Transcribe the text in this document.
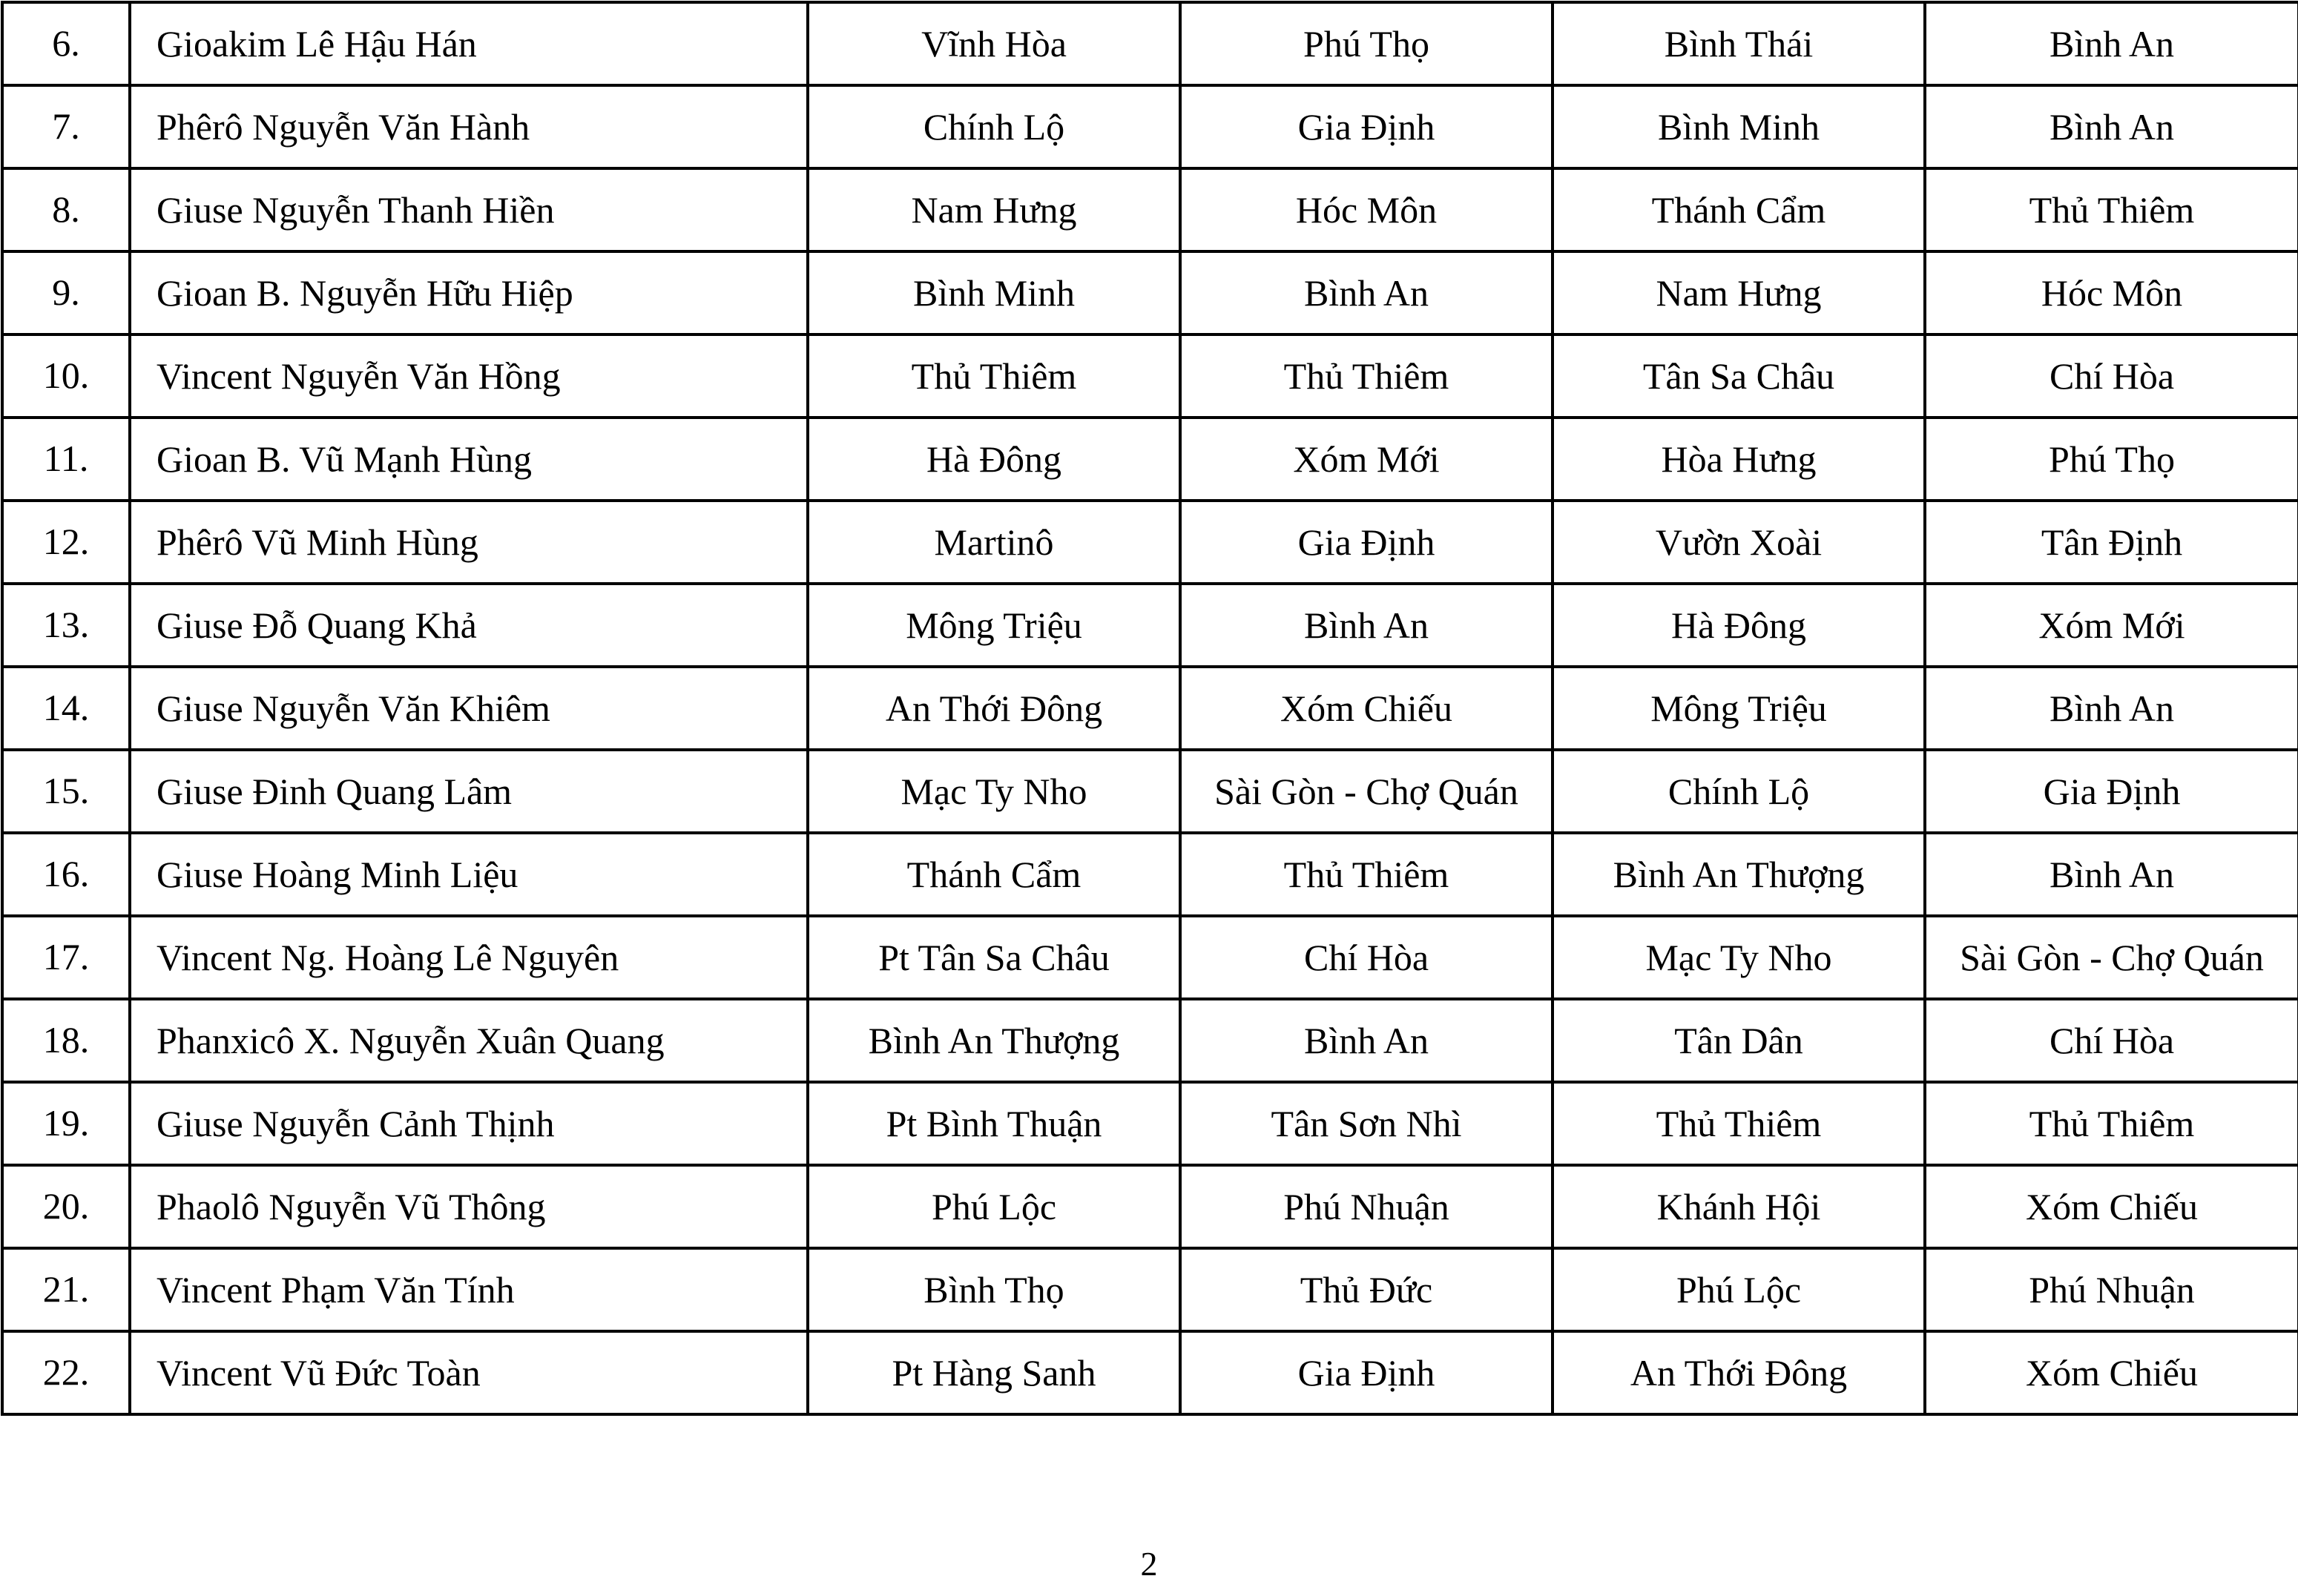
6.	Gioakim Lê Hậu Hán	Vĩnh Hòa	Phú Thọ	Bình Thái	Bình An
7.	Phêrô Nguyễn Văn Hành	Chính Lộ	Gia Định	Bình Minh	Bình An
8.	Giuse Nguyễn Thanh Hiền	Nam Hưng	Hóc Môn	Thánh Cẩm	Thủ Thiêm
9.	Gioan B. Nguyễn Hữu Hiệp	Bình Minh	Bình An	Nam Hưng	Hóc Môn
10.	Vincent Nguyễn Văn Hồng	Thủ Thiêm	Thủ Thiêm	Tân Sa Châu	Chí Hòa
11.	Gioan B. Vũ Mạnh Hùng	Hà Đông	Xóm Mới	Hòa Hưng	Phú Thọ
12.	Phêrô Vũ Minh Hùng	Martinô	Gia Định	Vườn Xoài	Tân Định
13.	Giuse Đỗ Quang Khả	Mông Triệu	Bình An	Hà Đông	Xóm Mới
14.	Giuse Nguyễn Văn Khiêm	An Thới Đông	Xóm Chiếu	Mông Triệu	Bình An
15.	Giuse Đinh Quang Lâm	Mạc Ty Nho	Sài Gòn - Chợ Quán	Chính Lộ	Gia Định
16.	Giuse Hoàng Minh Liệu	Thánh Cẩm	Thủ Thiêm	Bình An Thượng	Bình An
17.	Vincent Ng. Hoàng Lê Nguyên	Pt Tân Sa Châu	Chí Hòa	Mạc Ty Nho	Sài Gòn - Chợ Quán
18.	Phanxicô X. Nguyễn Xuân Quang	Bình An Thượng	Bình An	Tân Dân	Chí Hòa
19.	Giuse Nguyễn Cảnh Thịnh	Pt Bình Thuận	Tân Sơn Nhì	Thủ Thiêm	Thủ Thiêm
20.	Phaolô Nguyễn Vũ Thông	Phú Lộc	Phú Nhuận	Khánh Hội	Xóm Chiếu
21.	Vincent Phạm Văn Tính	Bình Thọ	Thủ Đức	Phú Lộc	Phú Nhuận
22.	Vincent Vũ Đức Toàn	Pt Hàng Sanh	Gia Định	An Thới Đông	Xóm Chiếu
2
